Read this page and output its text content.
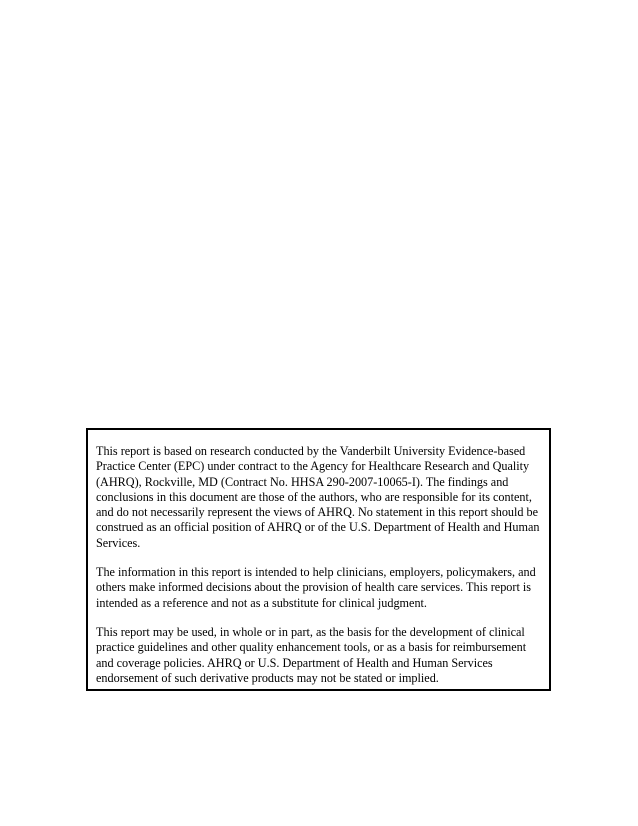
This report is based on research conducted by the Vanderbilt University Evidence-based Practice Center (EPC) under contract to the Agency for Healthcare Research and Quality (AHRQ), Rockville, MD (Contract No. HHSA 290-2007-10065-I). The findings and conclusions in this document are those of the authors, who are responsible for its content, and do not necessarily represent the views of AHRQ. No statement in this report should be construed as an official position of AHRQ or of the U.S. Department of Health and Human Services.

The information in this report is intended to help clinicians, employers, policymakers, and others make informed decisions about the provision of health care services. This report is intended as a reference and not as a substitute for clinical judgment.

This report may be used, in whole or in part, as the basis for the development of clinical practice guidelines and other quality enhancement tools, or as a basis for reimbursement and coverage policies. AHRQ or U.S. Department of Health and Human Services endorsement of such derivative products may not be stated or implied.
